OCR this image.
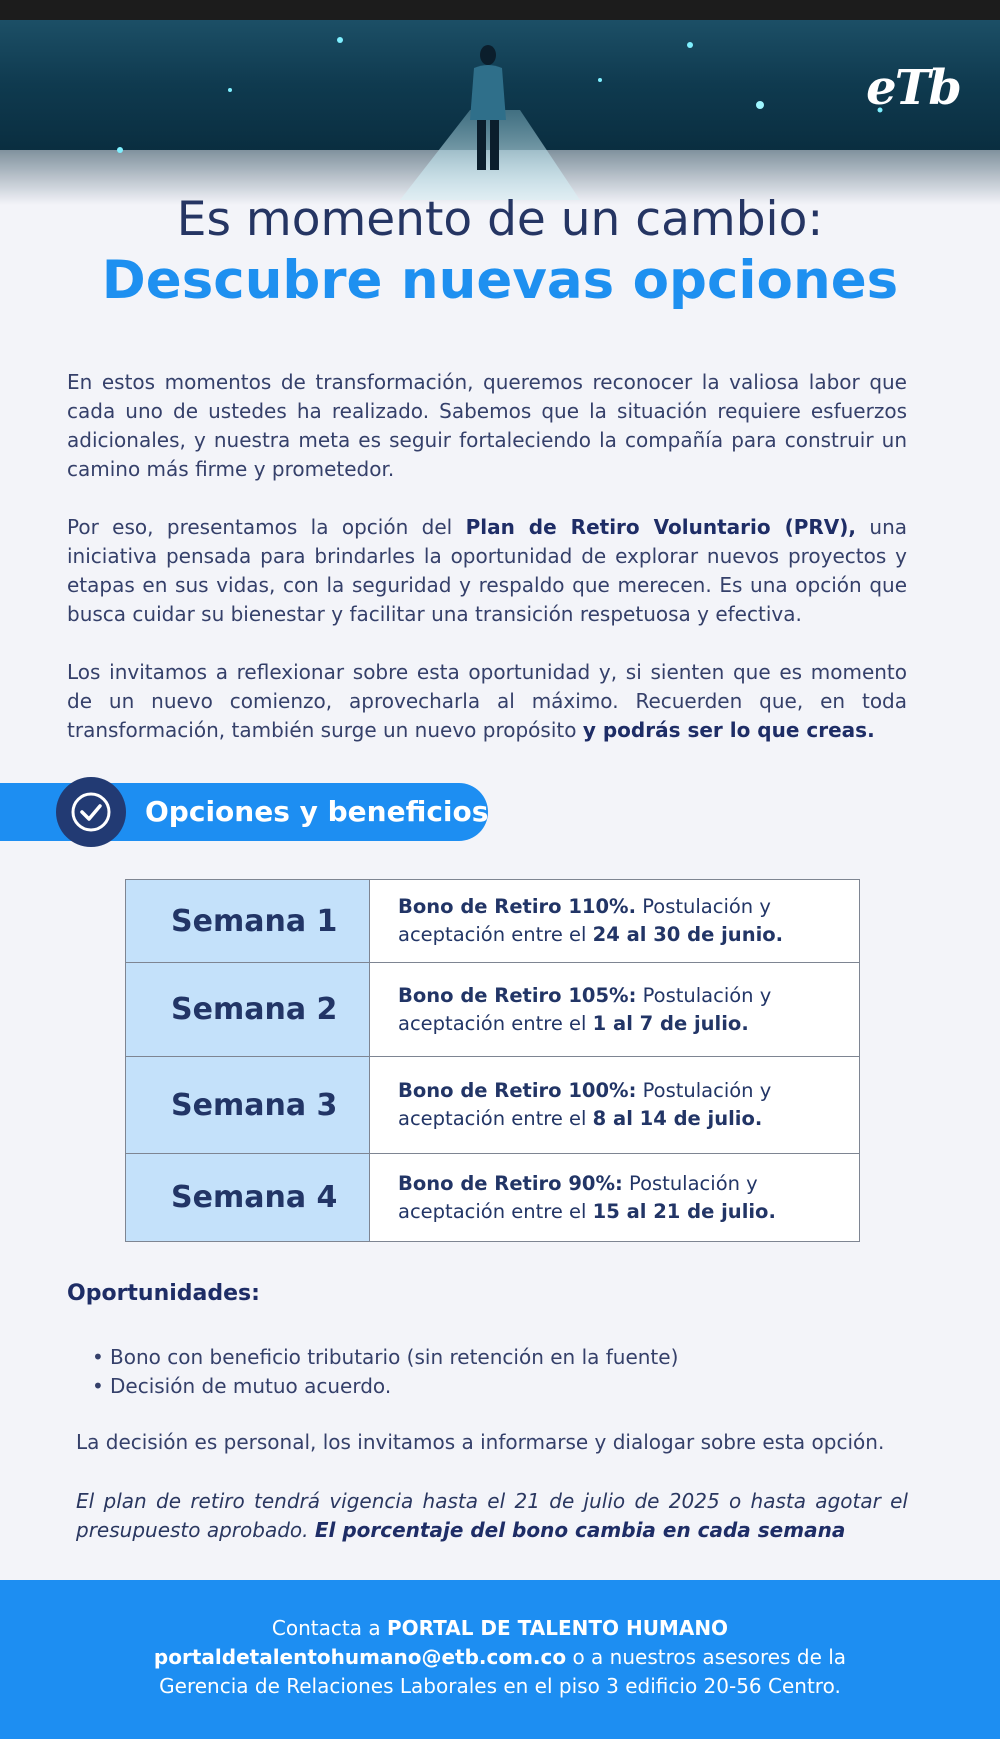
eTb
Es momento de un cambio:
Descubre nuevas opciones
En estos momentos de transformación, queremos reconocer la valiosa labor que cada uno de ustedes ha realizado. Sabemos que la situación requiere esfuerzos adicionales, y nuestra meta es seguir fortaleciendo la compañía para construir un camino más firme y prometedor.
Por eso, presentamos la opción del Plan de Retiro Voluntario (PRV), una iniciativa pensada para brindarles la oportunidad de explorar nuevos proyectos y etapas en sus vidas, con la seguridad y respaldo que merecen. Es una opción que busca cuidar su bienestar y facilitar una transición respetuosa y efectiva.
Los invitamos a reflexionar sobre esta oportunidad y, si sienten que es momento de un nuevo comienzo, aprovecharla al máximo. Recuerden que, en toda transformación, también surge un nuevo propósito y podrás ser lo que creas.
Opciones y beneficios
Semana 1	Bono de Retiro 110%. Postulación y aceptación entre el 24 al 30 de junio.
Semana 2	Bono de Retiro 105%: Postulación y aceptación entre el 1 al 7 de julio.
Semana 3	Bono de Retiro 100%: Postulación y aceptación entre el 8 al 14 de julio.
Semana 4	Bono de Retiro 90%: Postulación y aceptación entre el 15 al 21 de julio.
Oportunidades:
• Bono con beneficio tributario (sin retención en la fuente)
• Decisión de mutuo acuerdo.
La decisión es personal, los invitamos a informarse y dialogar sobre esta opción.
El plan de retiro tendrá vigencia hasta el 21 de julio de 2025 o hasta agotar el presupuesto aprobado. El porcentaje del bono cambia en cada semana
Contacta a PORTAL DE TALENTO HUMANO
portaldetalentohumano@etb.com.co o a nuestros asesores de la
Gerencia de Relaciones Laborales en el piso 3 edificio 20-56 Centro.
